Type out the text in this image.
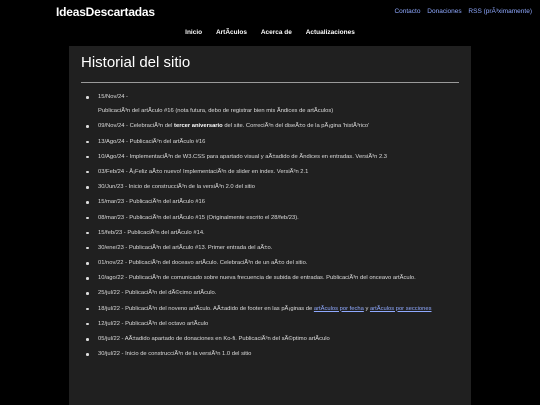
IdeasDescartadas	Contacto Donaciones RSS (prÃ³ximamente)
Inicio ArtÃculos Acerca de Actualizaciones
Historial del sitio
15/Nov/24 -
PublicaciÃ³n del artÃculo #16 (nota futura, debo de registrar bien mis Ãndices de artÃculos)
09/Nov/24 - CelebraciÃ³n del tercer aniversario del site. CorreciÃ³n del diseÃ±o de la pÃ¡gina 'histÃ³rico'
13/Ago/24 - PublicaciÃ³n del artÃculo #16
10/Ago/24 - ImplementaciÃ³n de W3.CSS para apartado visual y aÃ±adido de Ãndices en entradas. VersiÃ³n 2.3
03/Feb/24 - Â¡Feliz aÃ±o nuevo! ImplementaciÃ³n de slider en index. VersiÃ³n 2.1
30/Jun/23 - Inicio de construcciÃ³n de la versiÃ³n 2.0 del sitio
15/mar/23 - PublicaciÃ³n del artÃculo #16
08/mar/23 - PublicaciÃ³n del artÃculo #15 (Originalmente escrito el 28/feb/23).
15/feb/23 - PublicaciÃ³n del artÃculo #14.
30/ene/23 - PublicaciÃ³n del artÃculo #13. Primer entrada del aÃ±o.
01/nov/22 - PublicaciÃ³n del doceavo artÃculo. CelebraciÃ³n de un aÃ±o del sitio.
10/ago/22 - PublicaciÃ³n de comunicado sobre nueva frecuencia de subida de entradas. PublicaciÃ³n del onceavo artÃculo.
25/jul/22 - PublicaciÃ³n del dÃ©cimo artÃculo.
18/jul/22 - PublicaciÃ³n del noveno artÃculo. AÃ±adido de footer en las pÃ¡ginas de artÃculos por fecha y artÃculos por secciones
12/jul/22 - PublicaciÃ³n del octavo artÃculo
05/jul/22 - AÃ±adido apartado de donaciones en Ko-fi. PublicaciÃ³n del sÃ©ptimo artÃculo
30/jul/22 - Inicio de construcciÃ³n de la versiÃ³n 1.0 del sitio
